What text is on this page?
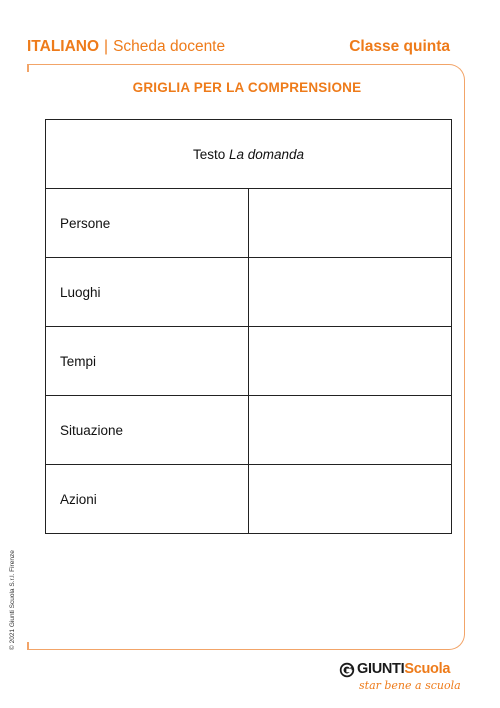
ITALIANO | Scheda docente	Classe quinta
GRIGLIA PER LA COMPRENSIONE
Testo La domanda	
Persone	
Luoghi	
Tempi	
Situazione	
Azioni	
© 2021 Giunti Scuola S.r.l. Firenze
GIUNTIScuola
star bene a scuola
